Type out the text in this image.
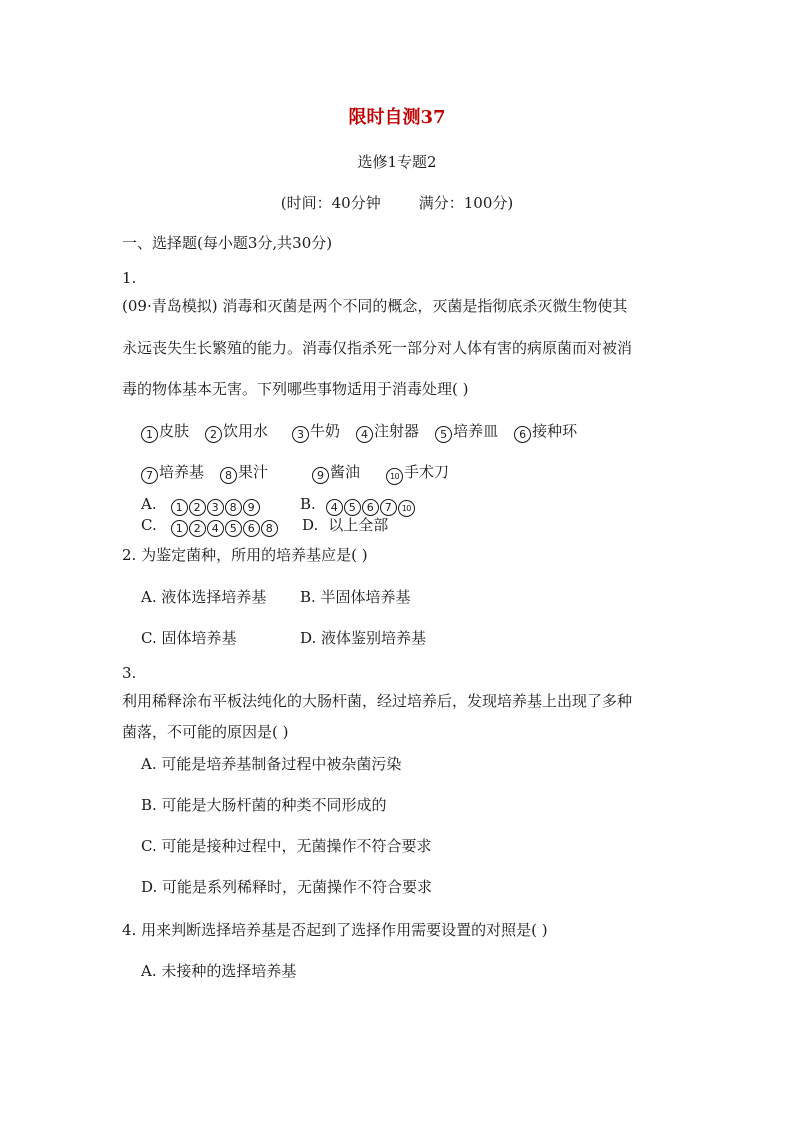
限时自测37
选修1专题2
(时间：40分钟	满分：100分)
一、选择题(每小题3分,共30分)
1.
(09·青岛模拟) 消毒和灭菌是两个不同的概念，灭菌是指彻底杀灭微生物使其
永远丧失生长繁殖的能力。消毒仅指杀死一部分对人体有害的病原菌而对被消
毒的物体基本无害。下列哪些事物适用于消毒处理( )
1 皮肤 2 饮用水	3 牛奶 4 注射器 5 培养皿 6 接种环
7 培养基 8 果汁	9 酱油	10 手术刀
A. 1 2 3 8 9	B. 4 5 6 7 10
C. 1 2 4 5 6 8	D. 以上全部
2. 为鉴定菌种，所用的培养基应是( )
A. 液体选择培养基 B. 半固体培养基
C. 固体培养基	D. 液体鉴别培养基
3.
利用稀释涂布平板法纯化的大肠杆菌，经过培养后，发现培养基上出现了多种
菌落，不可能的原因是( )
A. 可能是培养基制备过程中被杂菌污染
B. 可能是大肠杆菌的种类不同形成的
C. 可能是接种过程中，无菌操作不符合要求
D. 可能是系列稀释时，无菌操作不符合要求
4. 用来判断选择培养基是否起到了选择作用需要设置的对照是( )
A. 未接种的选择培养基
